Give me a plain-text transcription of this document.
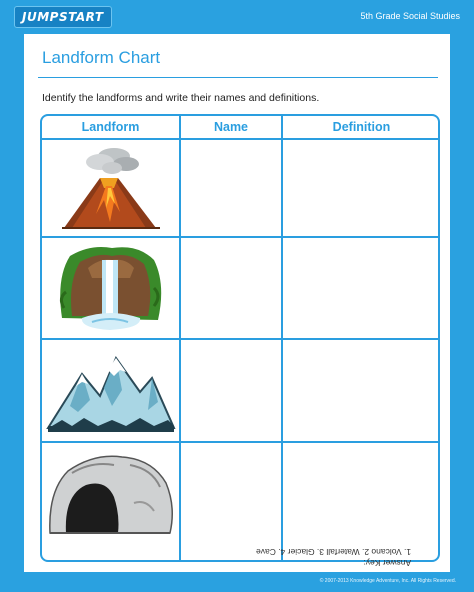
JUMPSTART	5th Grade Social Studies
Landform Chart
Identify the landforms and write their names and definitions.
Landform	Name	Definition
Answer Key:
1. Volcano 2. Waterfall 3. Glacier 4. Cave
© 2007-2013 Knowledge Adventure, Inc. All Rights Reserved.
